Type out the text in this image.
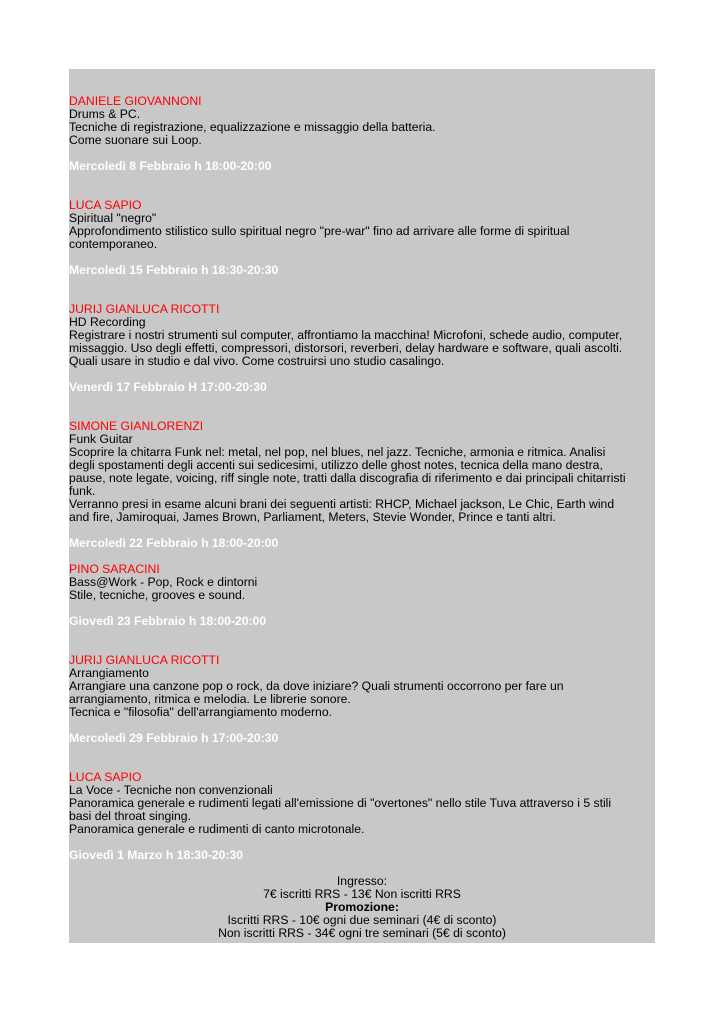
DANIELE GIOVANNONI

Drums & PC.

Tecniche di registrazione, equalizzazione e missaggio della batteria.

Come suonare sui Loop.

Mercoledì 8 Febbraio h 18:00-20:00

LUCA SAPIO

Spiritual "negro"

Approfondimento stilistico sullo spiritual negro "pre-war" fino ad arrivare alle forme di spiritual

contemporaneo.

Mercoledì 15 Febbraio h 18:30-20:30

JURIJ GIANLUCA RICOTTI

HD Recording

Registrare i nostri strumenti sul computer, affrontiamo la macchina! Microfoni, schede audio, computer,

missaggio. Uso degli effetti, compressori, distorsori, reverberi, delay hardware e software, quali ascolti.

Quali usare in studio e dal vivo. Come costruirsi uno studio casalingo.

Venerdì 17 Febbraio H 17:00-20:30

SIMONE GIANLORENZI

Funk Guitar

Scoprire la chitarra Funk nel: metal, nel pop, nel blues, nel jazz. Tecniche, armonia e ritmica. Analisi

degli spostamenti degli accenti sui sedicesimi, utilizzo delle ghost notes, tecnica della mano destra,

pause, note legate, voicing, riff single note, tratti dalla discografia di riferimento e dai principali chitarristi

funk.

Verranno presi in esame alcuni brani dei seguenti artisti: RHCP, Michael jackson, Le Chic, Earth wind

and fire, Jamiroquai, James Brown, Parliament, Meters, Stevie Wonder, Prince e tanti altri.

Mercoledì 22 Febbraio h 18:00-20:00

PINO SARACINI

Bass@Work - Pop, Rock e dintorni

Stile, tecniche, grooves e sound.

Giovedì 23 Febbraio h 18:00-20:00

JURIJ GIANLUCA RICOTTI

Arrangiamento

Arrangiare una canzone pop o rock, da dove iniziare? Quali strumenti occorrono per fare un

arrangiamento, ritmica e melodia. Le librerie sonore.

Tecnica e "filosofia" dell'arrangiamento moderno.

Mercoledì 29 Febbraio h 17:00-20:30

LUCA SAPIO

La Voce - Tecniche non convenzionali

Panoramica generale e rudimenti legati all'emissione di "overtones" nello stile Tuva attraverso i 5 stili

basi del throat singing.

Panoramica generale e rudimenti di canto microtonale.

Giovedì 1 Marzo h 18:30-20:30

Ingresso:

7€ iscritti RRS - 13€ Non iscritti RRS

Promozione:

Iscritti RRS - 10€ ogni due seminari (4€ di sconto)

Non iscritti RRS - 34€ ogni tre seminari (5€ di sconto)
